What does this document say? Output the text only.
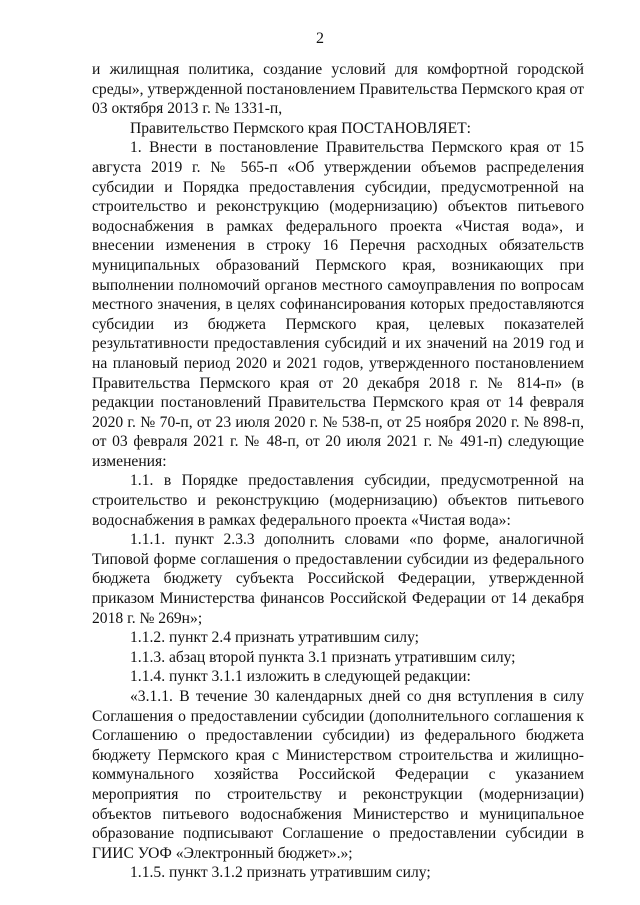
2

и жилищная политика, создание условий для комфортной городской среды», утвержденной постановлением Правительства Пермского края от 03 октября 2013 г. № 1331-п,

Правительство Пермского края ПОСТАНОВЛЯЕТ:

1. Внести в постановление Правительства Пермского края от 15 августа 2019 г. № 565-п «Об утверждении объемов распределения субсидии и Порядка предоставления субсидии, предусмотренной на строительство и реконструкцию (модернизацию) объектов питьевого водоснабжения в рамках федерального проекта «Чистая вода», и внесении изменения в строку 16 Перечня расходных обязательств муниципальных образований Пермского края, возникающих при выполнении полномочий органов местного самоуправления по вопросам местного значения, в целях софинансирования которых предоставляются субсидии из бюджета Пермского края, целевых показателей результативности предоставления субсидий и их значений на 2019 год и на плановый период 2020 и 2021 годов, утвержденного постановлением Правительства Пермского края от 20 декабря 2018 г. № 814-п» (в редакции постановлений Правительства Пермского края от 14 февраля 2020 г. № 70-п, от 23 июля 2020 г. № 538-п, от 25 ноября 2020 г. № 898-п, от 03 февраля 2021 г. № 48-п, от 20 июля 2021 г. № 491-п) следующие изменения:

1.1. в Порядке предоставления субсидии, предусмотренной на строительство и реконструкцию (модернизацию) объектов питьевого водоснабжения в рамках федерального проекта «Чистая вода»:

1.1.1. пункт 2.3.3 дополнить словами «по форме, аналогичной Типовой форме соглашения о предоставлении субсидии из федерального бюджета бюджету субъекта Российской Федерации, утвержденной приказом Министерства финансов Российской Федерации от 14 декабря 2018 г. № 269н»;

1.1.2. пункт 2.4 признать утратившим силу;

1.1.3. абзац второй пункта 3.1 признать утратившим силу;

1.1.4. пункт 3.1.1 изложить в следующей редакции:

«3.1.1. В течение 30 календарных дней со дня вступления в силу Соглашения о предоставлении субсидии (дополнительного соглашения к Соглашению о предоставлении субсидии) из федерального бюджета бюджету Пермского края с Министерством строительства и жилищно-коммунального хозяйства Российской Федерации с указанием мероприятия по строительству и реконструкции (модернизации) объектов питьевого водоснабжения Министерство и муниципальное образование подписывают Соглашение о предоставлении субсидии в ГИИС УОФ «Электронный бюджет».»;

1.1.5. пункт 3.1.2 признать утратившим силу;
